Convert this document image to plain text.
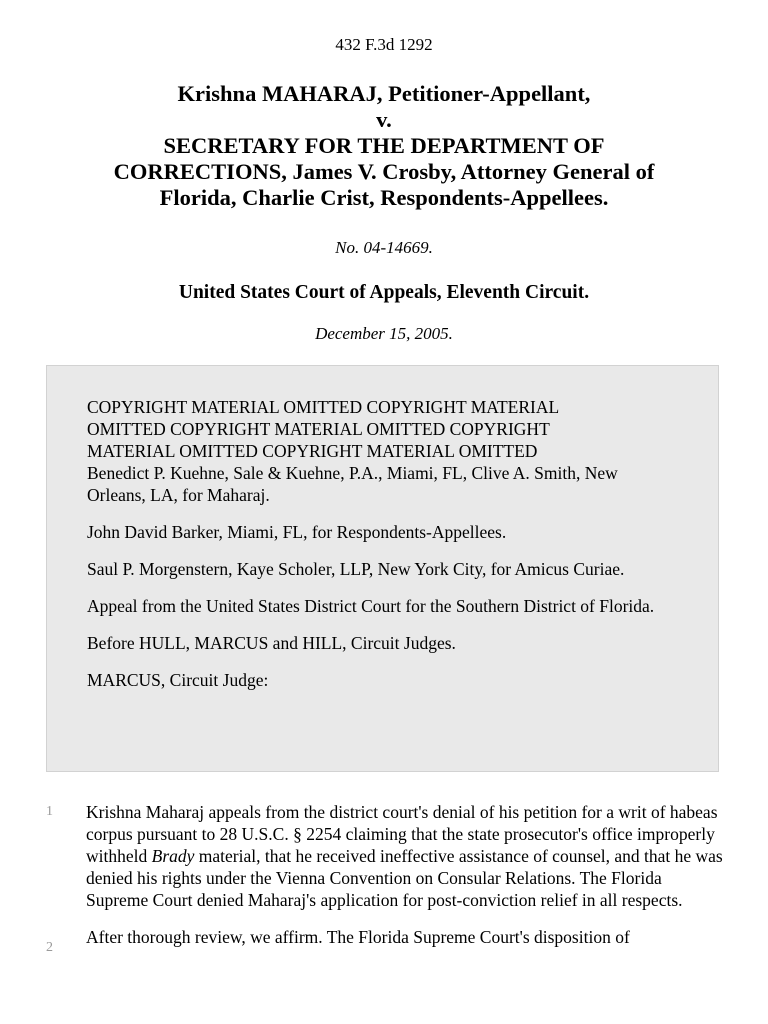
432 F.3d 1292
Krishna MAHARAJ, Petitioner-Appellant,
v.
SECRETARY FOR THE DEPARTMENT OF
CORRECTIONS, James V. Crosby, Attorney General of
Florida, Charlie Crist, Respondents-Appellees.
No. 04-14669.
United States Court of Appeals, Eleventh Circuit.
December 15, 2005.

COPYRIGHT MATERIAL OMITTED COPYRIGHT MATERIAL
OMITTED COPYRIGHT MATERIAL OMITTED COPYRIGHT
MATERIAL OMITTED COPYRIGHT MATERIAL OMITTED
Benedict P. Kuehne, Sale & Kuehne, P.A., Miami, FL, Clive A. Smith, New Orleans, LA, for Maharaj.

John David Barker, Miami, FL, for Respondents-Appellees.

Saul P. Morgenstern, Kaye Scholer, LLP, New York City, for Amicus Curiae.

Appeal from the United States District Court for the Southern District of Florida.

Before HULL, MARCUS and HILL, Circuit Judges.

MARCUS, Circuit Judge:

1 Krishna Maharaj appeals from the district court's denial of his petition for a writ of habeas corpus pursuant to 28 U.S.C. § 2254 claiming that the state prosecutor's office improperly withheld Brady material, that he received ineffective assistance of counsel, and that he was denied his rights under the Vienna Convention on Consular Relations. The Florida Supreme Court denied Maharaj's application for post-conviction relief in all respects.
2
After thorough review, we affirm. The Florida Supreme Court's disposition of
